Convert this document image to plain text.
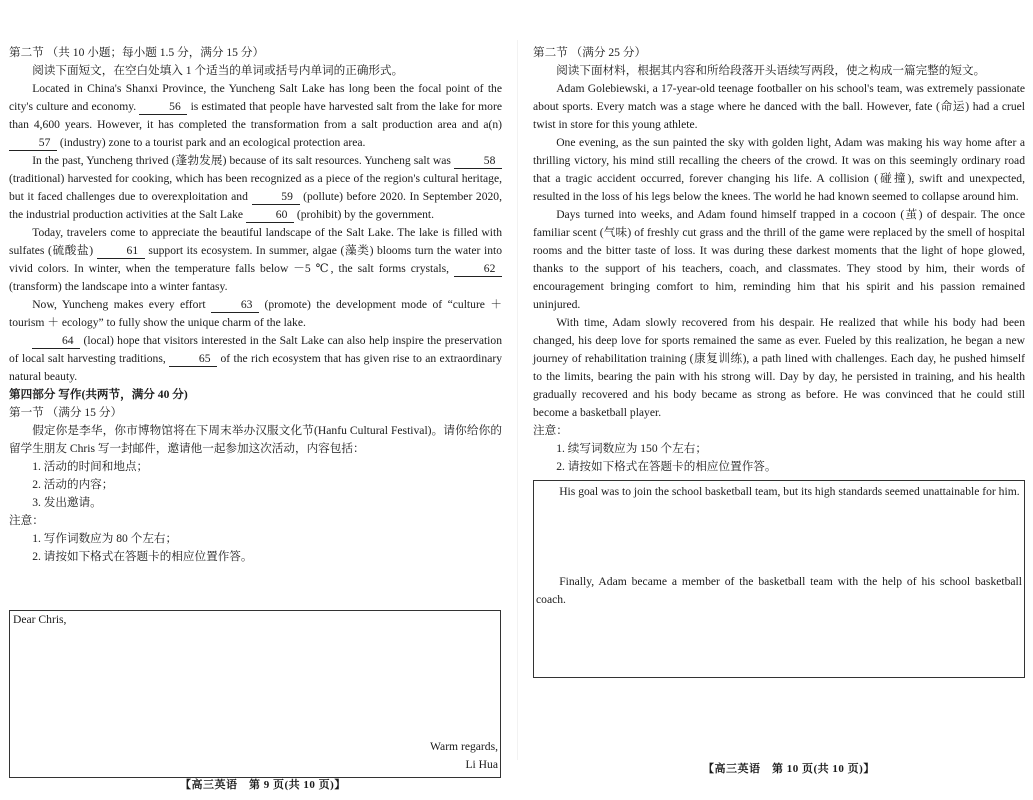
第二节 （共 10 小题；每小题 1.5 分，满分 15 分）

阅读下面短文，在空白处填入 1 个适当的单词或括号内单词的正确形式。

Located in China's Shanxi Province, the Yuncheng Salt Lake has long been the focal point of the city's culture and economy.	56 is estimated that people have harvested salt from the lake for more than 4,600 years. However, it has completed the transformation from a salt production area and a(n) 57 (industry) zone to a tourist park and an ecological protection area.

In the past, Yuncheng thrived (蓬勃发展) because of its salt resources. Yuncheng salt was	58 (traditional) harvested for cooking, which has been recognized as a piece of the region's cultural heritage, but it faced challenges due to overexploitation and	59 (pollute) before 2020. In September 2020, the industrial production activities at the Salt Lake	60 (prohibit) by the government.

Today, travelers come to appreciate the beautiful landscape of the Salt Lake. The lake is filled with sulfates (硫酸盐)	61 support its ecosystem. In summer, algae (藻类) blooms turn the water into vivid colors. In winter, when the temperature falls below －5 ℃, the salt forms crystals,	62 (transform) the landscape into a winter fantasy.

Now, Yuncheng makes every effort	63 (promote) the development mode of “culture ＋ tourism ＋ ecology” to fully show the unique charm of the lake.

64 (local) hope that visitors interested in the Salt Lake can also help inspire the preservation of local salt harvesting traditions,	65 of the rich ecosystem that has given rise to an extraordinary natural beauty.

第四部分 写作(共两节，满分 40 分)

第一节 （满分 15 分）

假定你是李华，你市博物馆将在下周末举办汉服文化节(Hanfu Cultural Festival)。请你给你的留学生朋友 Chris 写一封邮件，邀请他一起参加这次活动，内容包括：

1. 活动的时间和地点；

2. 活动的内容；

3. 发出邀请。

注意：

1. 写作词数应为 80 个左右；

2. 请按如下格式在答题卡的相应位置作答。

Dear Chris,
Warm regards,
Li Hua
【高三英语　第 9 页(共 10 页)】

第二节 （满分 25 分）

阅读下面材料，根据其内容和所给段落开头语续写两段，使之构成一篇完整的短文。

Adam Golebiewski, a 17-year-old teenage footballer on his school's team, was extremely passionate about sports. Every match was a stage where he danced with the ball. However, fate (命运) had a cruel twist in store for this young athlete.

One evening, as the sun painted the sky with golden light, Adam was making his way home after a thrilling victory, his mind still recalling the cheers of the crowd. It was on this seemingly ordinary road that a tragic accident occurred, forever changing his life. A collision (碰撞), swift and unexpected, resulted in the loss of his legs below the knees. The world he had known seemed to collapse around him.

Days turned into weeks, and Adam found himself trapped in a cocoon (茧) of despair. The once familiar scent (气味) of freshly cut grass and the thrill of the game were replaced by the smell of hospital rooms and the bitter taste of loss. It was during these darkest moments that the light of hope glowed, thanks to the support of his teachers, coach, and classmates. They stood by him, their words of encouragement bringing comfort to him, reminding him that his spirit and his passion remained uninjured.

With time, Adam slowly recovered from his despair. He realized that while his body had been changed, his deep love for sports remained the same as ever. Fueled by this realization, he began a new journey of rehabilitation training (康复训练), a path lined with challenges. Each day, he pushed himself to the limits, bearing the pain with his strong will. Day by day, he persisted in training, and his health gradually recovered and his body became as strong as before. He was convinced that he could still become a basketball player.

注意：

1. 续写词数应为 150 个左右；

2. 请按如下格式在答题卡的相应位置作答。

His goal was to join the school basketball team, but its high standards seemed unattainable for him.
Finally, Adam became a member of the basketball team with the help of his school basketball coach.
【高三英语　第 10 页(共 10 页)】
